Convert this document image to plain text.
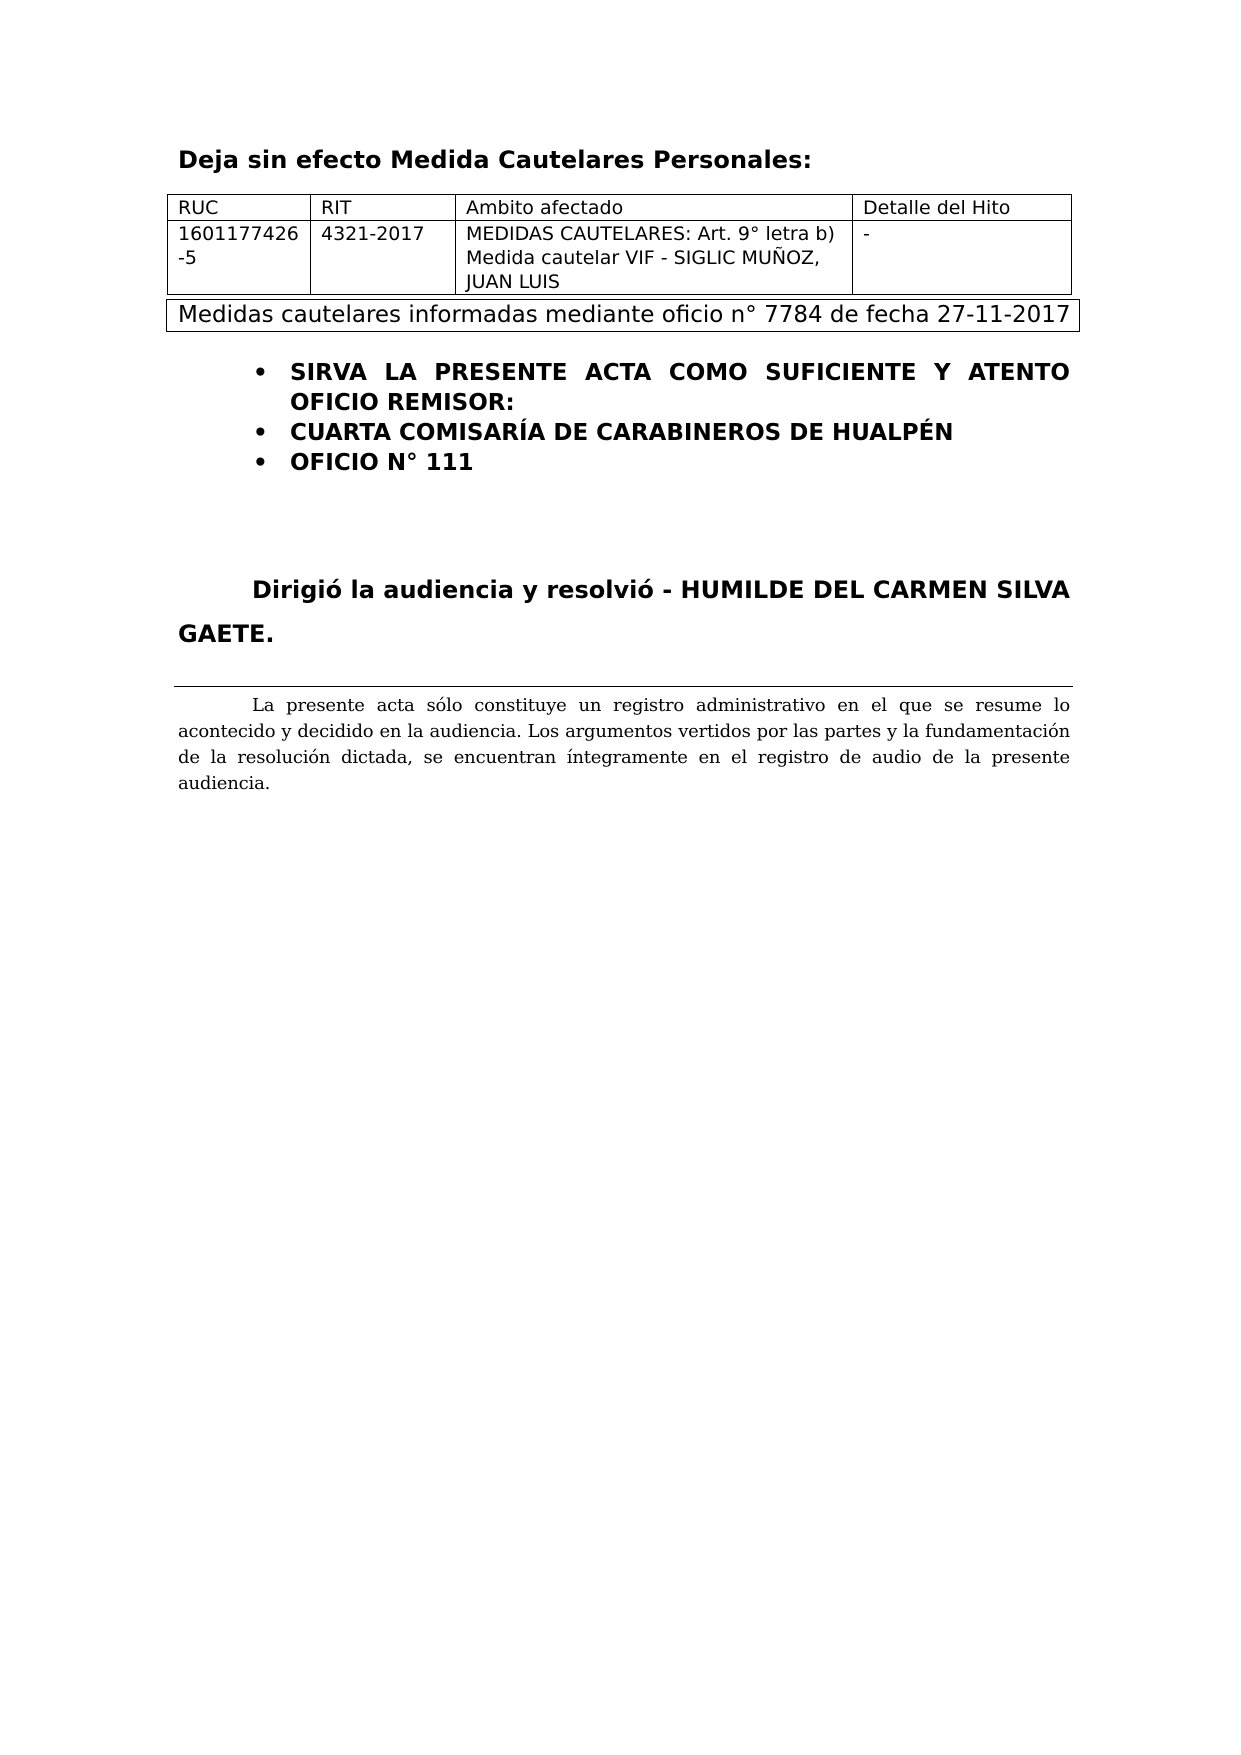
Deja sin efecto Medida Cautelares Personales:
RUC	RIT	Ambito afectado	Detalle del Hito
1601177426-5	4321-2017	MEDIDAS CAUTELARES: Art. 9° letra b) Medida cautelar VIF - SIGLIC MUÑOZ, JUAN LUIS	-
Medidas cautelares informadas mediante oficio n° 7784 de fecha 27-11-2017
• SIRVA LA PRESENTE ACTA COMO SUFICIENTE Y ATENTO
OFICIO REMISOR:
• CUARTA COMISARÍA DE CARABINEROS DE HUALPÉN
• OFICIO N° 111
Dirigió la audiencia y resolvió - HUMILDE DEL CARMEN SILVA
GAETE.
La presente acta sólo constituye un registro administrativo en el que se resume lo acontecido y decidido en la audiencia. Los argumentos vertidos por las partes y la fundamentación de la resolución dictada, se encuentran íntegramente en el registro de audio de la presente audiencia.
